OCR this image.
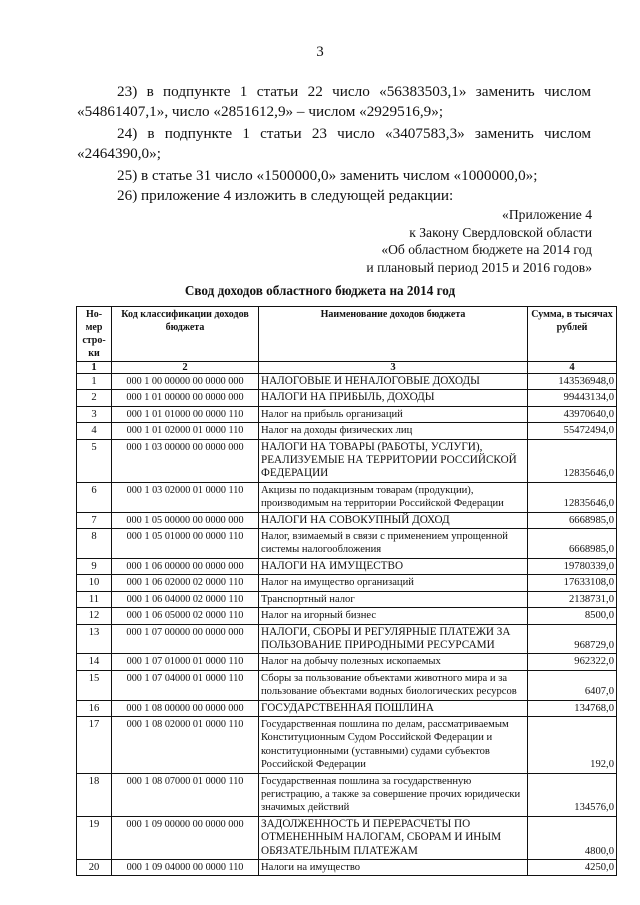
3

23) в подпункте 1 статьи 22 число «56383503,1» заменить числом «54861407,1», число «2851612,9» – числом «2929516,9»;

24) в подпункте 1 статьи 23 число «3407583,3» заменить числом «2464390,0»;

25) в статье 31 число «1500000,0» заменить числом «1000000,0»;

26) приложение 4 изложить в следующей редакции:

«Приложение 4
к Закону Свердловской области
«Об областном бюджете на 2014 год
и плановый период 2015 и 2016 годов»
Свод доходов областного бюджета на 2014 год
Но-мер стро-ки	Код классификации доходов бюджета	Наименование доходов бюджета	Сумма, в тысячах рублей
1	2	3	4
1	000 1 00 00000 00 0000 000	НАЛОГОВЫЕ И НЕНАЛОГОВЫЕ ДОХОДЫ	143536948,0
2	000 1 01 00000 00 0000 000	НАЛОГИ НА ПРИБЫЛЬ, ДОХОДЫ	99443134,0
3	000 1 01 01000 00 0000 110	Налог на прибыль организаций	43970640,0
4	000 1 01 02000 01 0000 110	Налог на доходы физических лиц	55472494,0
5	000 1 03 00000 00 0000 000	НАЛОГИ НА ТОВАРЫ (РАБОТЫ, УСЛУГИ), РЕАЛИЗУЕМЫЕ НА ТЕРРИТОРИИ РОССИЙСКОЙ ФЕДЕРАЦИИ	12835646,0
6	000 1 03 02000 01 0000 110	Акцизы по подакцизным товарам (продукции), производимым на территории Российской Федерации	12835646,0
7	000 1 05 00000 00 0000 000	НАЛОГИ НА СОВОКУПНЫЙ ДОХОД	6668985,0
8	000 1 05 01000 00 0000 110	Налог, взимаемый в связи с применением упрощенной системы налогообложения	6668985,0
9	000 1 06 00000 00 0000 000	НАЛОГИ НА ИМУЩЕСТВО	19780339,0
10	000 1 06 02000 02 0000 110	Налог на имущество организаций	17633108,0
11	000 1 06 04000 02 0000 110	Транспортный налог	2138731,0
12	000 1 06 05000 02 0000 110	Налог на игорный бизнес	8500,0
13	000 1 07 00000 00 0000 000	НАЛОГИ, СБОРЫ И РЕГУЛЯРНЫЕ ПЛАТЕЖИ ЗА ПОЛЬЗОВАНИЕ ПРИРОДНЫМИ РЕСУРСАМИ	968729,0
14	000 1 07 01000 01 0000 110	Налог на добычу полезных ископаемых	962322,0
15	000 1 07 04000 01 0000 110	Сборы за пользование объектами животного мира и за пользование объектами водных биологических ресурсов	6407,0
16	000 1 08 00000 00 0000 000	ГОСУДАРСТВЕННАЯ ПОШЛИНА	134768,0
17	000 1 08 02000 01 0000 110	Государственная пошлина по делам, рассматриваемым Конституционным Судом Российской Федерации и конституционными (уставными) судами субъектов Российской Федерации	192,0
18	000 1 08 07000 01 0000 110	Государственная пошлина за государственную регистрацию, а также за совершение прочих юридически значимых действий	134576,0
19	000 1 09 00000 00 0000 000	ЗАДОЛЖЕННОСТЬ И ПЕРЕРАСЧЕТЫ ПО ОТМЕНЕННЫМ НАЛОГАМ, СБОРАМ И ИНЫМ ОБЯЗАТЕЛЬНЫМ ПЛАТЕЖАМ	4800,0
20	000 1 09 04000 00 0000 110	Налоги на имущество	4250,0
